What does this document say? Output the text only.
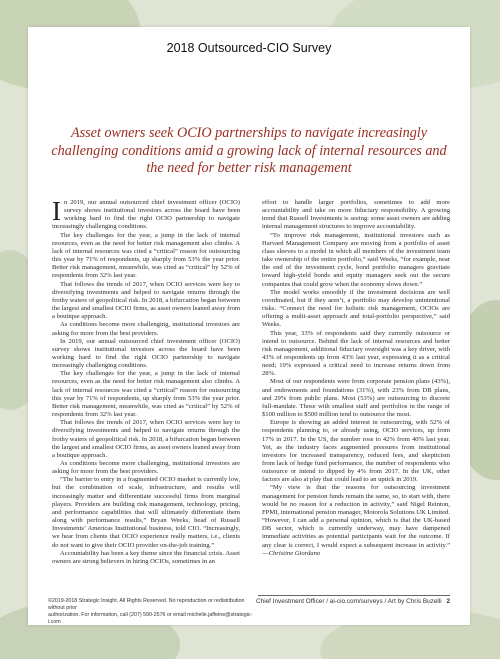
2018 Outsourced-CIO Survey
Asset owners seek OCIO partnerships to navigate increasingly challenging conditions amid a growing lack of internal resources and the need for better risk management

In 2019, our annual outsourced chief investment officer (OCIO) survey shows institutional investors across the board have been working hard to find the right OCIO partnership to navigate increasingly challenging conditions.

The key challenges for the year, a jump in the lack of internal resources, even as the need for better risk management also climbs. A lack of internal resources was cited a “critical” reason for outsourcing this year by 71% of respondents, up sharply from 53% the year prior. Better risk management, meanwhile, was cited as “critical” by 52% of respondents from 32% last year.

That follows the trends of 2017, when OCIO services were key to diversifying investments and helped to navigate returns through the frothy waters of geopolitical risk. In 2018, a bifurcation began between the largest and smallest OCIO firms, as asset owners leaned away from a boutique approach.

As conditions become more challenging, institutional investors are asking for more from the best providers.

In 2019, our annual outsourced chief investment officer (OCIO) survey shows institutional investors across the board have been working hard to find the right OCIO partnership to navigate increasingly challenging conditions.

The key challenges for the year, a jump in the lack of internal resources, even as the need for better risk management also climbs. A lack of internal resources was cited a “critical” reason for outsourcing this year by 71% of respondents, up sharply from 53% the year prior. Better risk management, meanwhile, was cited as “critical” by 52% of respondents from 32% last year.

That follows the trends of 2017, when OCIO services were key to diversifying investments and helped to navigate returns through the frothy waters of geopolitical risk. In 2018, a bifurcation began between the largest and smallest OCIO firms, as asset owners leaned away from a boutique approach.

As conditions become more challenging, institutional investors are asking for more from the best providers.

“The barrier to entry in a fragmented OCIO market is currently low, but the combination of scale, infrastructure, and results will increasingly matter and differentiate successful firms from marginal players. Providers are building risk management, technology, pricing, and performance capabilities that will ultimately differentiate them along with performance results,” Bryan Weeks, head of Russell Investments’ Americas Institutional business, told CIO. “Increasingly, we hear from clients that OCIO experience really matters, i.e., clients do not want to give their OCIO provider on-the-job training.”

Accountability has been a key theme since the financial crisis. Asset owners are strong believers in hiring OCIOs, sometimes in an

effort to handle larger portfolios, sometimes to add more accountability and take on more fiduciary responsibility. A growing trend that Russell Investments is seeing: some asset owners are adding internal management structures to improve accountability.

“To improve risk management, institutional investors such as Harvard Management Company are moving from a portfolio of asset class sleeves to a model in which all members of the investment team take ownership of the entire portfolio,” said Weeks, “for example, near the end of the investment cycle, bond portfolio managers gravitate toward high-yield bonds and equity managers seek out the secure companies that could grow when the economy slows down.”

The model works smoothly if the investment decisions are well coordinated, but if they aren’t, a portfolio may develop unintentional risks. “Connect the need for holistic risk management, OCIOs are offering a multi-asset approach and total-portfolio perspective,” said Weeks.

This year, 33% of respondents said they currently outsource or intend to outsource. Behind the lack of internal resources and better risk management, additional fiduciary oversight was a key driver, with 43% of respondents up from 43% last year, expressing it as a critical need; 19% expressed a critical need to increase returns down from 28%.

Most of our respondents were from corporate pension plans (43%), and endowments and foundations (31%), with 23% from DB plans, and 29% from public plans. Most (53%) are outsourcing to discrete full-mandate. Those with smallest staff and portfolios in the range of $100 million to $500 million tend to outsource the most.

Europe is showing an added interest in outsourcing, with 52% of respondents planning to, or already using, OCIO services, up from 17% in 2017. In the US, the number rose to 42% from 40% last year. Yet, as the industry faces augmented pressures from institutional investors for increased transparency, reduced fees, and skepticism from lack of hedge fund performance, the number of respondents who outsource or intend to dipped by 4% from 2017. In the UK, other factors are also at play that could lead to an uptick in 2019.

“My view is that the reasons for outsourcing investment management for pension funds remain the same, so, to start with, there would be no reason for a reduction in activity,” said Nigel Reinton, FPMI, international pension manager, Motorola Solutions UK Limited. “However, I can add a personal opinion, which is that the UK-based DB sector, which is currently underway, may have dampened immediate activities as potential participants wait for the outcome. If any clear is correct, I would expect a subsequent increase in activity.” —Christine Giordano

©2019-2018 Strategic Insight. All Rights Reserved. No reproduction or redistribution without prior
authorization. For information, call (207) 590-2576 or email michelle.jaffeine@strategic-i.com
Chief Investment Officer / ai-cio.com/surveys / Art by Chris Buzelli 2
